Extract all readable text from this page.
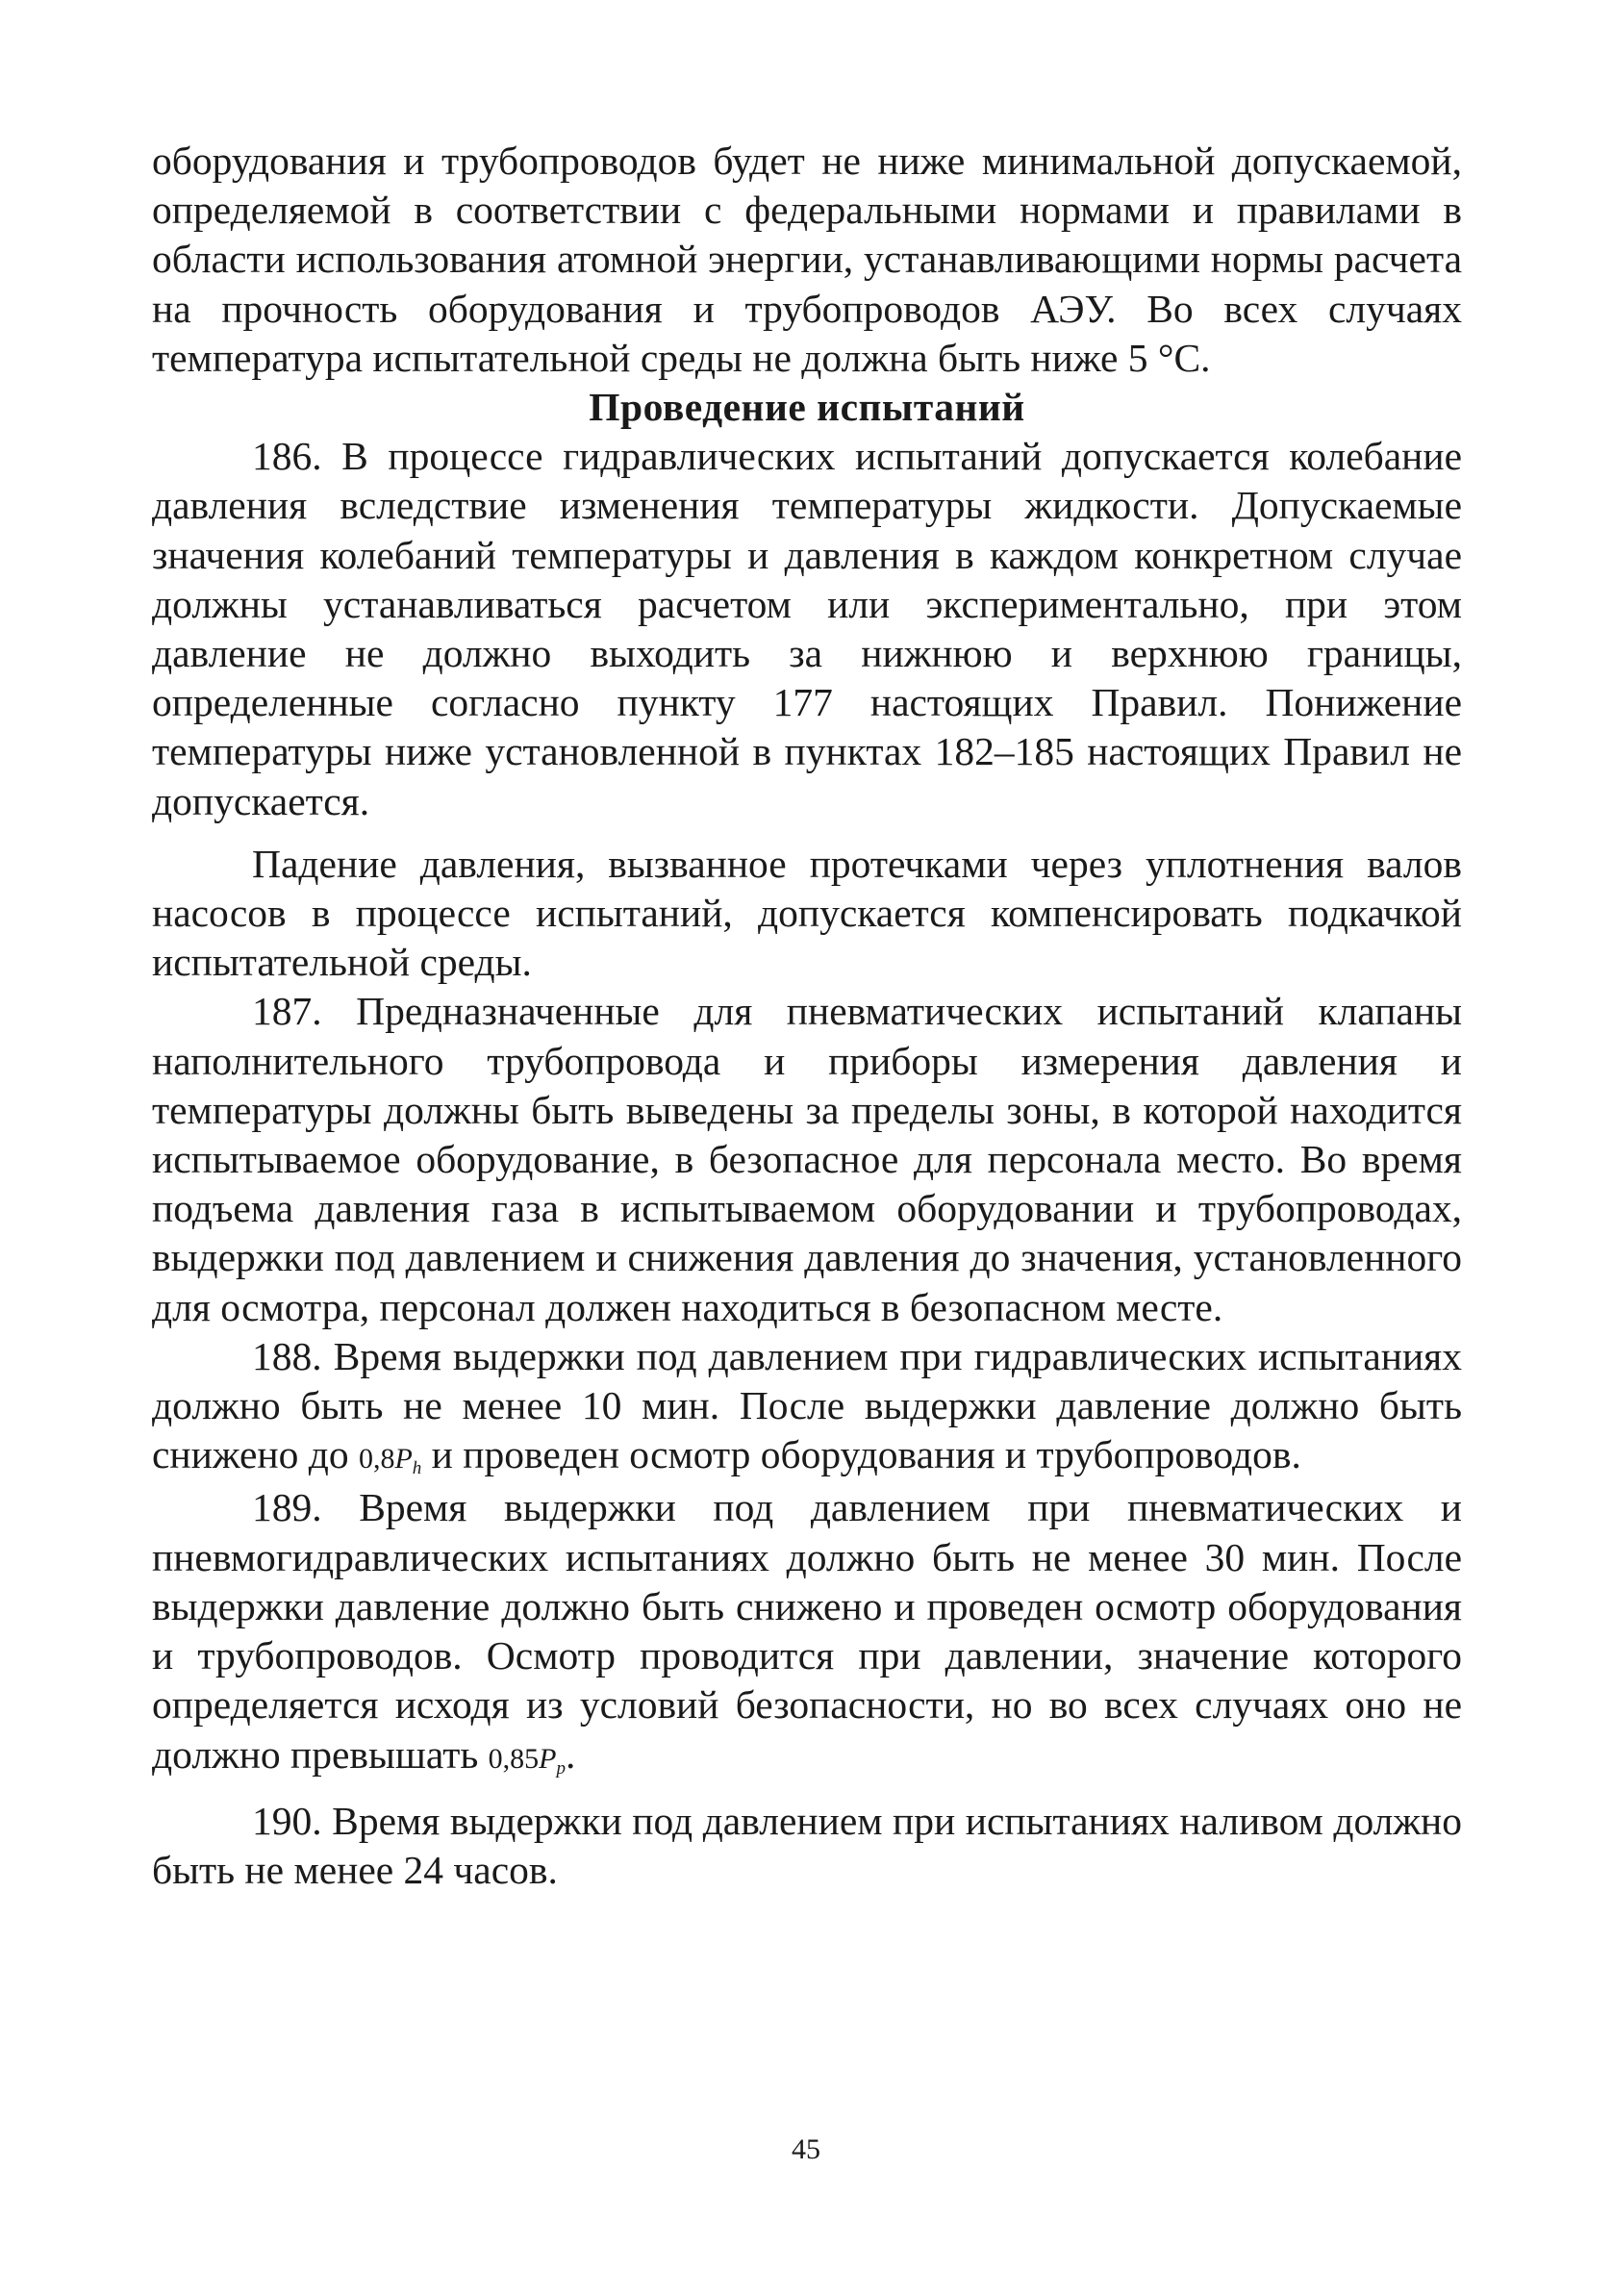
оборудования и трубопроводов будет не ниже минимальной допускаемой, определяемой в соответствии с федеральными нормами и правилами в области использования атомной энергии, устанавливающими нормы расчета на прочность оборудования и трубопроводов АЭУ. Во всех случаях температура испытательной среды не должна быть ниже 5 °С.

Проведение испытаний

186. В процессе гидравлических испытаний допускается колебание давления вследствие изменения температуры жидкости. Допускаемые значения колебаний температуры и давления в каждом конкретном случае должны устанавливаться расчетом или экспериментально, при этом давление не должно выходить за нижнюю и верхнюю границы, определенные согласно пункту 177 настоящих Правил. Понижение температуры ниже установленной в пунктах 182–185 настоящих Правил не допускается.

Падение давления, вызванное протечками через уплотнения валов насосов в процессе испытаний, допускается компенсировать подкачкой испытательной среды.

187. Предназначенные для пневматических испытаний клапаны наполнительного трубопровода и приборы измерения давления и температуры должны быть выведены за пределы зоны, в которой находится испытываемое оборудование, в безопасное для персонала место. Во время подъема давления газа в испытываемом оборудовании и трубопроводах, выдержки под давлением и снижения давления до значения, установленного для осмотра, персонал должен находиться в безопасном месте.

188. Время выдержки под давлением при гидравлических испытаниях должно быть не менее 10 мин. После выдержки давление должно быть снижено до $0,8P_h$ и проведен осмотр оборудования и трубопроводов.

189. Время выдержки под давлением при пневматических и пневмогидравлических испытаниях должно быть не менее 30 мин. После выдержки давление должно быть снижено и проведен осмотр оборудования и трубопроводов. Осмотр проводится при давлении, значение которого определяется исходя из условий безопасности, но во всех случаях оно не должно превышать $0,85P_p$.

190. Время выдержки под давлением при испытаниях наливом должно быть не менее 24 часов.

45
